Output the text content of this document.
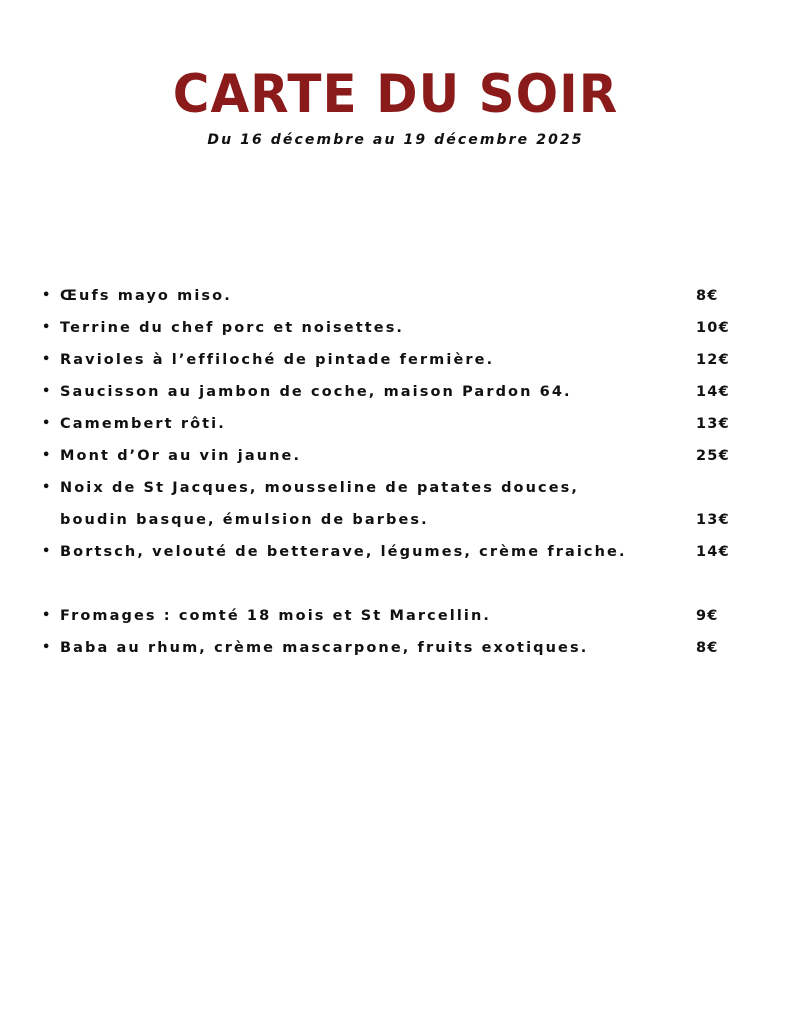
CARTE DU SOIR
Du 16 décembre au 19 décembre 2025
• Œufs mayo miso.	8€
• Terrine du chef porc et noisettes.	10€
• Ravioles à l’effiloché de pintade fermière.	12€
• Saucisson au jambon de coche, maison Pardon 64.	14€
• Camembert rôti.	13€
• Mont d’Or au vin jaune.	25€
• Noix de St Jacques, mousseline de patates douces,
boudin basque, émulsion de barbes.	13€
• Bortsch, velouté de betterave, légumes, crème fraiche.	14€
• Fromages : comté 18 mois et St Marcellin.	9€
• Baba au rhum, crème mascarpone, fruits exotiques.	8€
